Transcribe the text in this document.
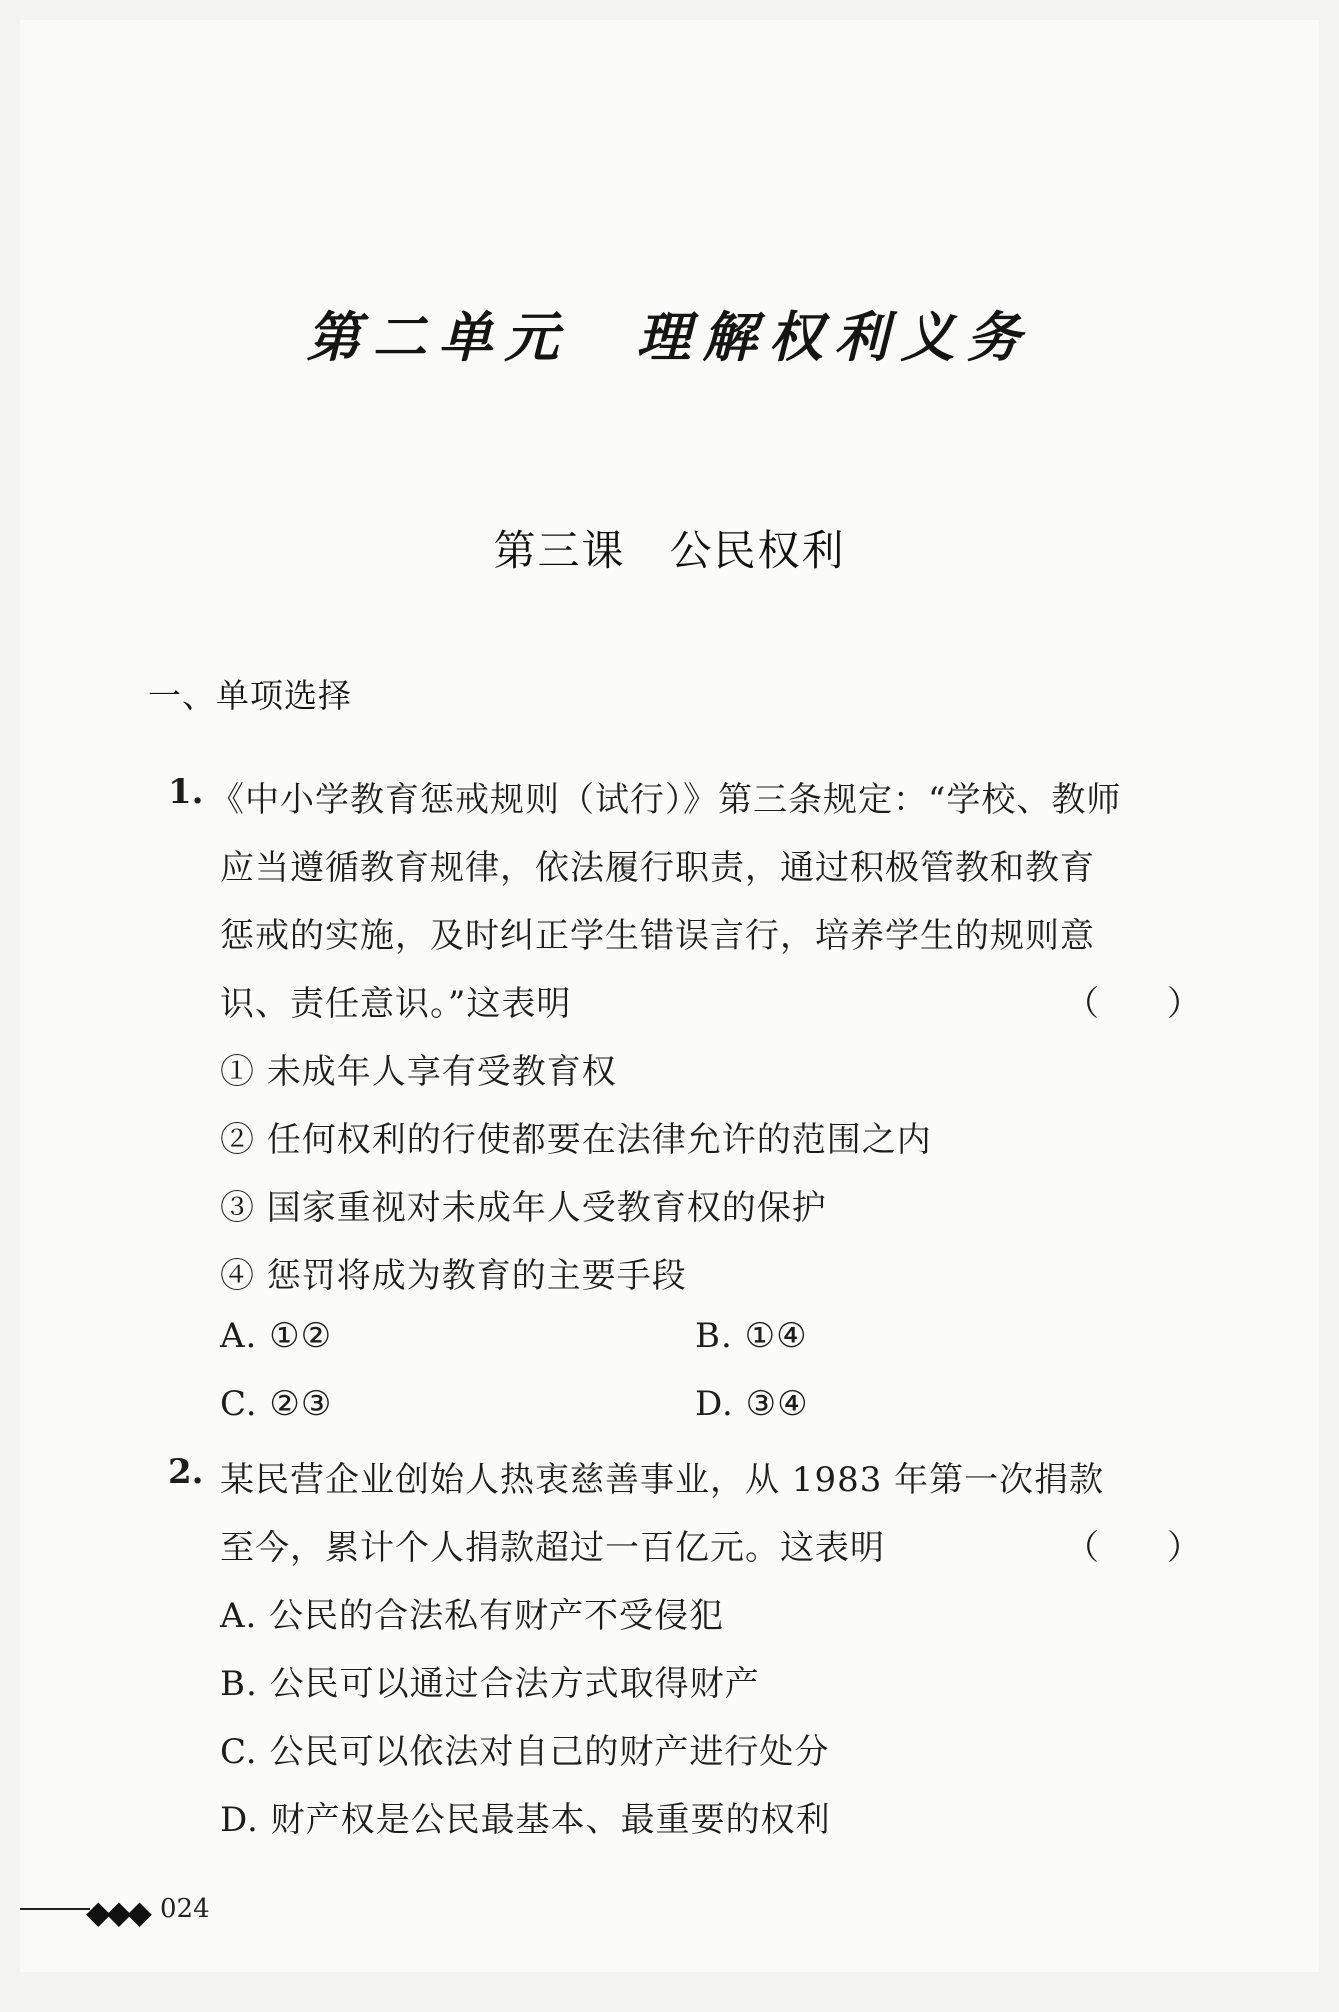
第二单元　理解权利义务
第三课　公民权利
一、单项选择
1. 《中小学教育惩戒规则（试行）》第三条规定：“学校、教师
应当遵循教育规律，依法履行职责，通过积极管教和教育
惩戒的实施，及时纠正学生错误言行，培养学生的规则意
识、责任意识。”这表明	（　　）
① 未成年人享有受教育权
② 任何权利的行使都要在法律允许的范围之内
③ 国家重视对未成年人受教育权的保护
④ 惩罚将成为教育的主要手段
A. ①②	B. ①④
C. ②③	D. ③④
2. 某民营企业创始人热衷慈善事业，从 1983 年第一次捐款
至今，累计个人捐款超过一百亿元。这表明	（　　）
A. 公民的合法私有财产不受侵犯
B. 公民可以通过合法方式取得财产
C. 公民可以依法对自己的财产进行处分
D. 财产权是公民最基本、最重要的权利
◆◆◆ 024
